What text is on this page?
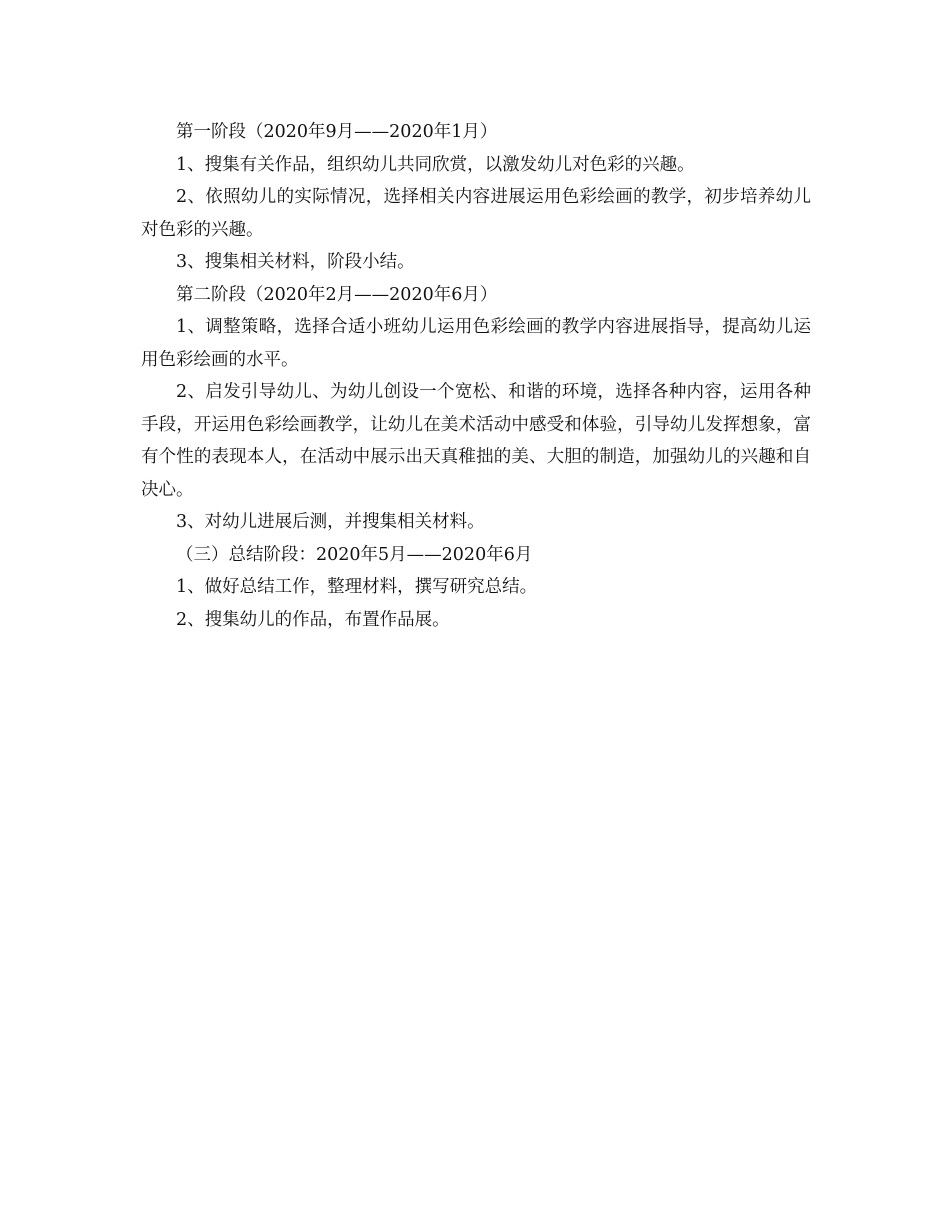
第一阶段（2020年9月——2020年1月）

1、搜集有关作品，组织幼儿共同欣赏，以激发幼儿对色彩的兴趣。

2、依照幼儿的实际情况，选择相关内容进展运用色彩绘画的教学，初步培养幼儿对色彩的兴趣。

3、搜集相关材料，阶段小结。

第二阶段（2020年2月——2020年6月）

1、调整策略，选择合适小班幼儿运用色彩绘画的教学内容进展指导，提高幼儿运用色彩绘画的水平。

2、启发引导幼儿、为幼儿创设一个宽松、和谐的环境，选择各种内容，运用各种手段，开运用色彩绘画教学，让幼儿在美术活动中感受和体验，引导幼儿发挥想象，富有个性的表现本人，在活动中展示出天真稚拙的美、大胆的制造，加强幼儿的兴趣和自决心。

3、对幼儿进展后测，并搜集相关材料。

（三）总结阶段：2020年5月——2020年6月

1、做好总结工作，整理材料，撰写研究总结。

2、搜集幼儿的作品，布置作品展。
